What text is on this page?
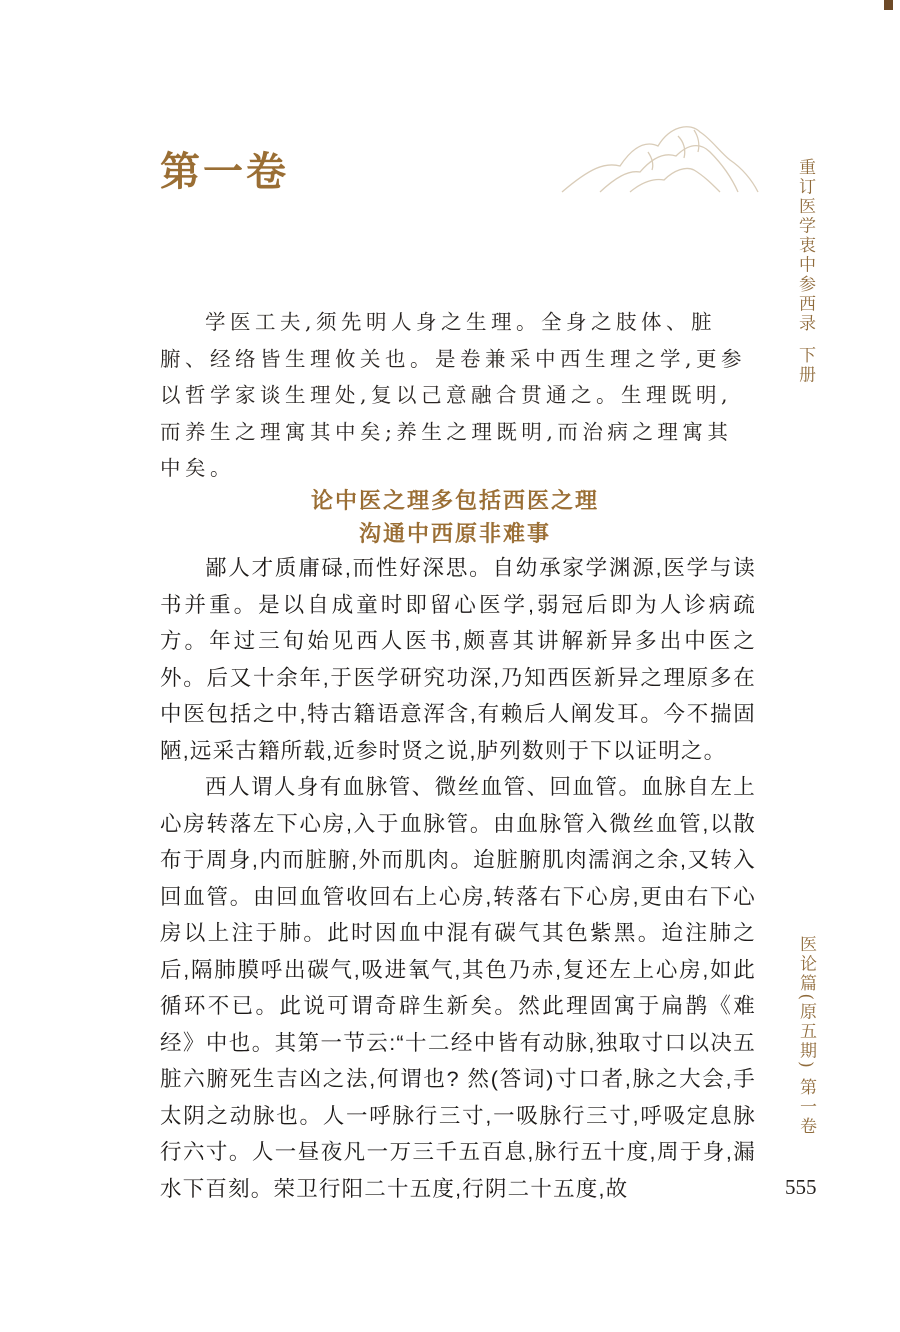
第一卷	重订医学衷中参西录下册

学医工夫,须先明人身之生理。全身之肢体、脏腑、经络皆生理攸关也。是卷兼采中西生理之学,更参以哲学家谈生理处,复以己意融合贯通之。生理既明,而养生之理寓其中矣;养生之理既明,而治病之理寓其中矣。

论中医之理多包括西医之理
沟通中西原非难事

鄙人才质庸碌,而性好深思。自幼承家学渊源,医学与读书并重。是以自成童时即留心医学,弱冠后即为人诊病疏方。年过三旬始见西人医书,颇喜其讲解新异多出中医之外。后又十余年,于医学研究功深,乃知西医新异之理原多在中医包括之中,特古籍语意浑含,有赖后人阐发耳。今不揣固陋,远采古籍所载,近参时贤之说,胪列数则于下以证明之。

西人谓人身有血脉管、微丝血管、回血管。血脉自左上心房转落左下心房,入于血脉管。由血脉管入微丝血管,以散布于周身,内而脏腑,外而肌肉。迨脏腑肌肉濡润之余,又转入回血管。由回血管收回右上心房,转落右下心房,更由右下心房以上注于肺。此时因血中混有碳气其色紫黑。迨注肺之后,隔肺膜呼出碳气,吸进氧气,其色乃赤,复还左上心房,如此循环不已。此说可谓奇辟生新矣。然此理固寓于扁鹊《难经》中也。其第一节云:“十二经中皆有动脉,独取寸口以决五脏六腑死生吉凶之法,何谓也? 然(答词)寸口者,脉之大会,手太阴之动脉也。人一呼脉行三寸,一吸脉行三寸,呼吸定息脉行六寸。人一昼夜凡一万三千五百息,脉行五十度,周于身,漏水下百刻。荣卫行阳二十五度,行阴二十五度,故

医论篇(原五期) 第一卷
555
